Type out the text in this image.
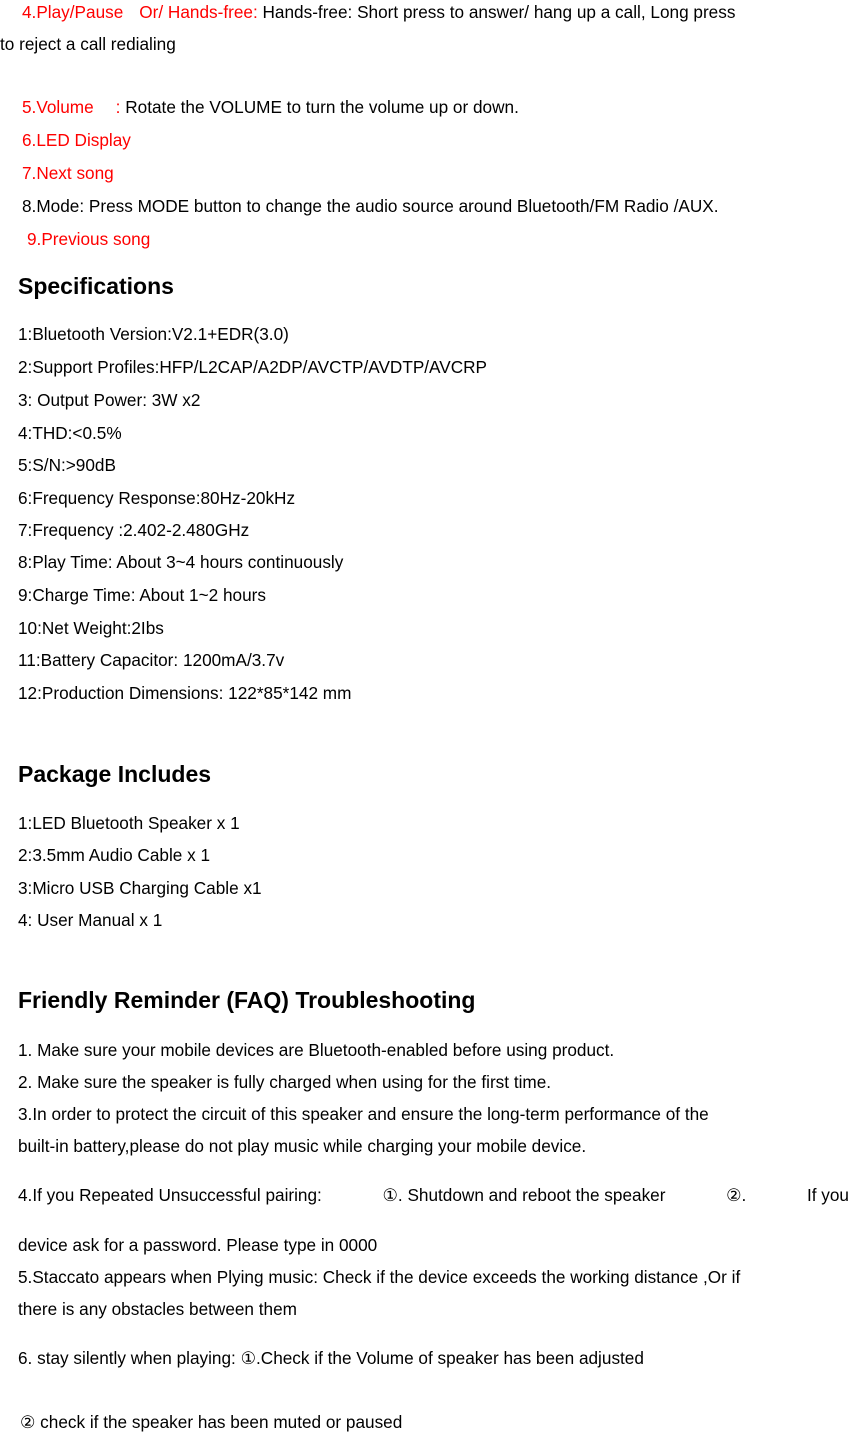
4.Play/Pause Or/ Hands-free: Hands-free: Short press to answer/ hang up a call, Long press
to reject a call redialing
5.Volume : Rotate the VOLUME to turn the volume up or down.
6.LED Display
7.Next song
8.Mode: Press MODE button to change the audio source around Bluetooth/FM Radio /AUX.
9.Previous song
Specifications
1:Bluetooth Version:V2.1+EDR(3.0)
2:Support Profiles:HFP/L2CAP/A2DP/AVCTP/AVDTP/AVCRP
3: Output Power: 3W x2
4:THD:<0.5%
5:S/N:>90dB
6:Frequency Response:80Hz-20kHz
7:Frequency :2.402-2.480GHz
8:Play Time: About 3~4 hours continuously
9:Charge Time: About 1~2 hours
10:Net Weight:2Ibs
11:Battery Capacitor: 1200mA/3.7v
12:Production Dimensions: 122*85*142 mm
Package Includes
1:LED Bluetooth Speaker x 1
2:3.5mm Audio Cable x 1
3:Micro USB Charging Cable x1
4: User Manual x 1
Friendly Reminder (FAQ) Troubleshooting
1. Make sure your mobile devices are Bluetooth-enabled before using product.
2. Make sure the speaker is fully charged when using for the first time.
3.In order to protect the circuit of this speaker and ensure the long-term performance of the
built-in battery,please do not play music while charging your mobile device.
4.If you Repeated Unsuccessful pairing:	①. Shutdown and reboot the speaker	②.	If you
device ask for a password. Please type in 0000
5.Staccato appears when Plying music: Check if the device exceeds the working distance ,Or if
there is any obstacles between them
6. stay silently when playing: ①.Check if the Volume of speaker has been adjusted
② check if the speaker has been muted or paused
